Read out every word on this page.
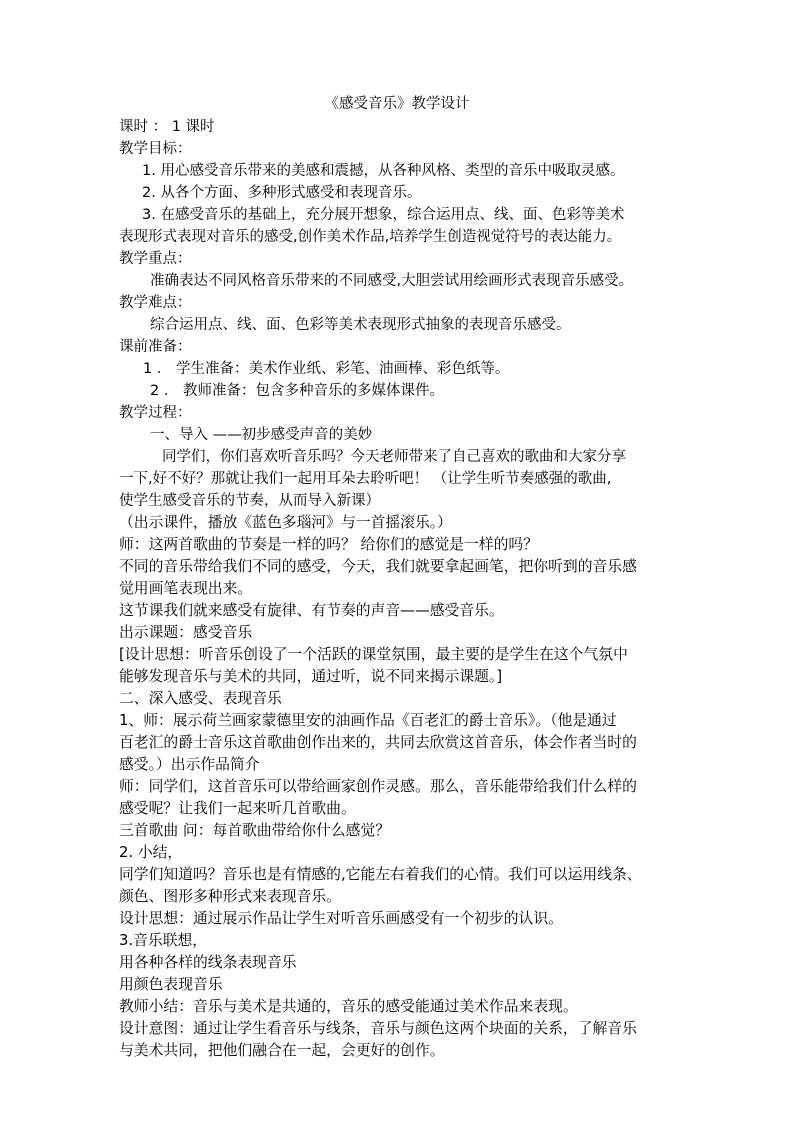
《感受音乐》教学设计
课时 ： 1 课时
教学目标：
1. 用心感受音乐带来的美感和震撼，从各种风格、类型的音乐中吸取灵感。
2. 从各个方面、多种形式感受和表现音乐。
3. 在感受音乐的基础上，充分展开想象，综合运用点、线、面、色彩等美术
表现形式表现对音乐的感受,创作美术作品,培养学生创造视觉符号的表达能力。
教学重点：
准确表达不同风格音乐带来的不同感受,大胆尝试用绘画形式表现音乐感受。
教学难点：
综合运用点、线、面、色彩等美术表现形式抽象的表现音乐感受。
课前准备：
1 ． 学生准备：美术作业纸、彩笔、油画棒、彩色纸等。
2 ． 教师准备：包含多种音乐的多媒体课件。
教学过程：
一、导入 ——初步感受声音的美妙
同学们，你们喜欢听音乐吗？今天老师带来了自己喜欢的歌曲和大家分享
一下,好不好？那就让我们一起用耳朵去聆听吧！ （让学生听节奏感强的歌曲,
使学生感受音乐的节奏，从而导入新课）
（出示课件，播放《蓝色多瑙河》与一首摇滚乐。）
师：这两首歌曲的节奏是一样的吗？ 给你们的感觉是一样的吗？
不同的音乐带给我们不同的感受，今天，我们就要拿起画笔，把你听到的音乐感
觉用画笔表现出来。
这节课我们就来感受有旋律、有节奏的声音——感受音乐。
出示课题：感受音乐
[设计思想：听音乐创设了一个活跃的课堂氛围，最主要的是学生在这个气氛中
能够发现音乐与美术的共同，通过听，说不同来揭示课题。]
二、深入感受、表现音乐
1、师：展示荷兰画家蒙德里安的油画作品《百老汇的爵士音乐》。（他是通过
百老汇的爵士音乐这首歌曲创作出来的，共同去欣赏这首音乐，体会作者当时的
感受。）出示作品简介
师：同学们，这首音乐可以带给画家创作灵感。那么，音乐能带给我们什么样的
感受呢？让我们一起来听几首歌曲。
三首歌曲 问：每首歌曲带给你什么感觉？
2. 小结，
同学们知道吗？音乐也是有情感的,它能左右着我们的心情。我们可以运用线条、
颜色、图形多种形式来表现音乐。
设计思想：通过展示作品让学生对听音乐画感受有一个初步的认识。
3.音乐联想，
用各种各样的线条表现音乐
用颜色表现音乐
教师小结：音乐与美术是共通的，音乐的感受能通过美术作品来表现。
设计意图：通过让学生看音乐与线条，音乐与颜色这两个块面的关系，了解音乐
与美术共同，把他们融合在一起，会更好的创作。
